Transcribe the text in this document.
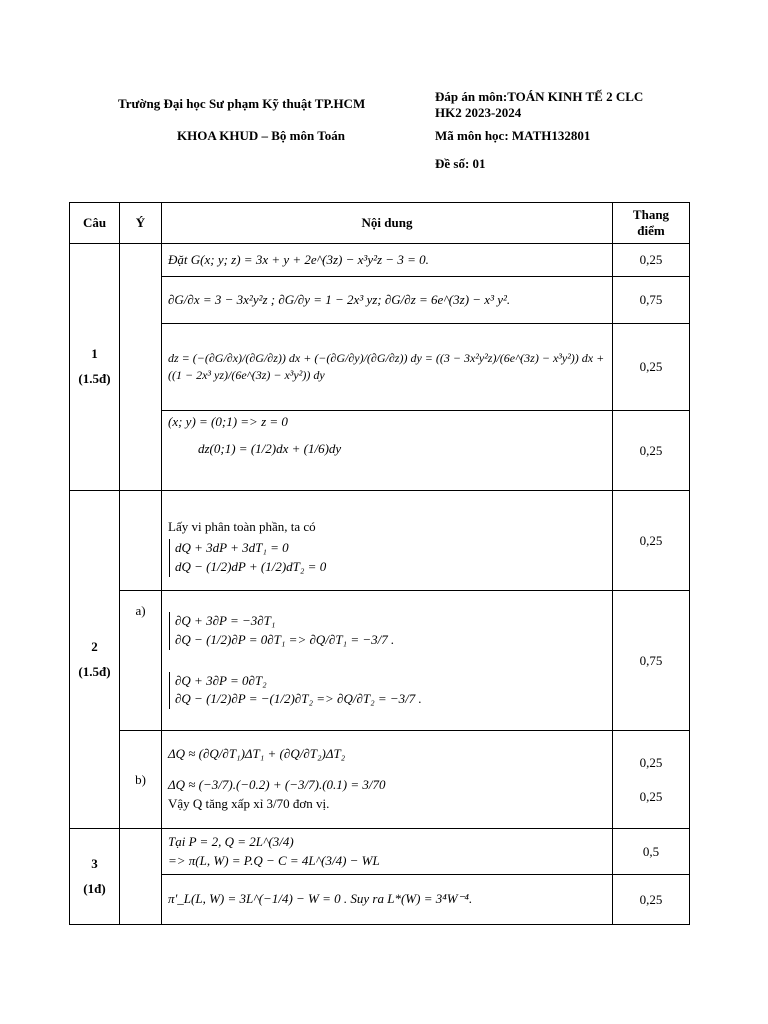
Trường Đại học Sư phạm Kỹ thuật TP.HCM
KHOA KHUD – Bộ môn Toán
Đáp án môn:TOÁN KINH TẾ 2 CLC
HK2 2023-2024
Mã môn học: MATH132801
Đề số: 01
Câu	Ý	Nội dung	Thang điểm

1
(1.5đ)		Đặt G(x; y; z) = 3x + y + 2e^(3z) − x³y²z − 3 = 0.	0,25

		∂G/∂x = 3 − 3x²y²z ; ∂G/∂y = 1 − 2x³ yz; ∂G/∂z = 6e^(3z) − x³ y².	0,75
		dz = (−(∂G/∂x)/(∂G/∂z)) dx + (−(∂G/∂y)/(∂G/∂z)) dy = ((3 − 3x²y²z)/(6e^(3z) − x³y²)) dx + ((1 − 2x³ yz)/(6e^(3z) − x³y²)) dy	0,25

		(x; y) = (0;1) => z = 0
dz(0;1) = (1/2)dx + (1/6)dy	0,25

2
(1.5đ)		Lấy vi phân toàn phần, ta có
dQ + 3dP + 3dT₁ = 0
dQ − (1/2)dP + (1/2)dT₂ = 0	0,25
	a)	∂Q + 3∂P = −3∂T₁
∂Q − (1/2)∂P = 0∂T₁ => ∂Q/∂T₁ = −3/7 .
∂Q + 3∂P = 0∂T₂
∂Q − (1/2)∂P = −(1/2)∂T₂ => ∂Q/∂T₂ = −3/7 .	0,75
	b)	ΔQ ≈ (∂Q/∂T₁)ΔT₁ + (∂Q/∂T₂)ΔT₂
ΔQ ≈ (−3/7).(−0.2) + (−3/7).(0.1) = 3/70
Vậy Q tăng xấp xỉ 3/70 đơn vị.	0,25
0,25

3
(1đ)		Tại P = 2, Q = 2L^(3/4)
=> π(L, W) = P.Q − C = 4L^(3/4) − WL	0,5

		π'_L(L, W) = 3L^(−1/4) − W = 0 . Suy ra L*(W) = 3⁴W⁻⁴.	0,25
